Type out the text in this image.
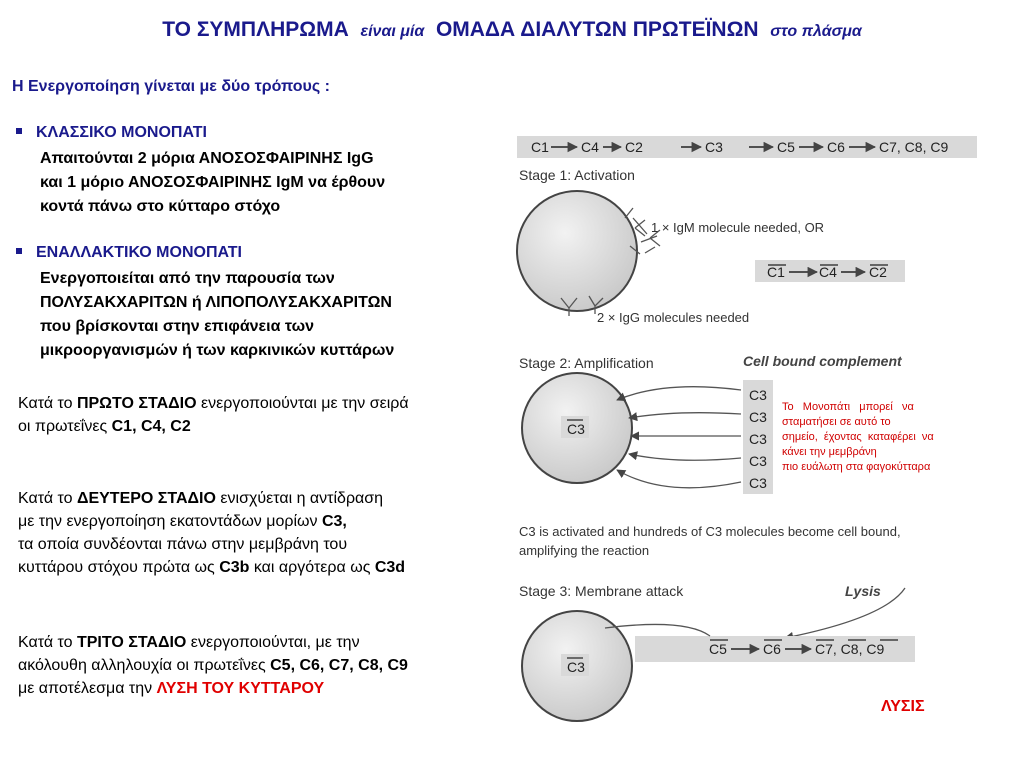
ΤΟ ΣΥΜΠΛΗΡΩΜΑ είναι μία ΟΜΑΔΑ ΔΙΑΛΥΤΩΝ ΠΡΩΤΕΪΝΩΝ στο πλάσμα
Η Ενεργοποίηση γίνεται με δύο τρόπους :
ΚΛΑΣΣΙΚΟ ΜΟΝΟΠΑΤΙ
Απαιτούνται 2 μόρια ΑΝΟΣΟΣΦΑΙΡΙΝΗΣ IgG
και 1 μόριο ΑΝΟΣΟΣΦΑΙΡΙΝΗΣ IgM να έρθουν
κοντά πάνω στο κύτταρο στόχο
ΕΝΑΛΛΑΚΤΙΚΟ ΜΟΝΟΠΑΤΙ
Ενεργοποιείται από την παρουσία των
ΠΟΛΥΣΑΚΧΑΡΙΤΩΝ ή ΛΙΠΟΠΟΛΥΣΑΚΧΑΡΙΤΩΝ
που βρίσκονται στην επιφάνεια των
μικροοργανισμών ή των καρκινικών κυττάρων
Κατά το ΠΡΩΤΟ ΣΤΑΔΙΟ ενεργοποιούνται με την σειρά
οι πρωτεΐνες C1, C4, C2
Κατά το ΔΕΥΤΕΡΟ ΣΤΑΔΙΟ ενισχύεται η αντίδραση
με την ενεργοποίηση εκατοντάδων μορίων C3,
τα οποία συνδέονται πάνω στην μεμβράνη του
κυττάρου στόχου πρώτα ως C3b και αργότερα ως C3d
Κατά το ΤΡΙΤΟ ΣΤΑΔΙΟ ενεργοποιούνται, με την
ακόλουθη αλληλουχία οι πρωτεΐνες C5, C6, C7, C8, C9
με αποτέλεσμα την ΛΥΣΗ ΤΟΥ ΚΥΤΤΑΡΟΥ
C1 C4 C2	C3	C5 C6 C7, C8, C9
Stage 1: Activation
1 × IgM molecule needed, OR
C1 C4 C2
2 × IgG molecules needed
Stage 2: Amplification	Cell bound complement
C3
C3
C3
C3
C3
C3
C3 is activated and hundreds of C3 molecules become cell bound,
amplifying the reaction
Stage 3: Membrane attack	Lysis
C3
C5	C6 C7, C8, C9
Το   Μονοπάτι   μπορεί   να
σταματήσει σε αυτό το
σημείο,  έχοντας  καταφέρει  να
κάνει την μεμβράνη
πιο ευάλωτη στα φαγοκύτταρα
ΛΥΣΙΣ
